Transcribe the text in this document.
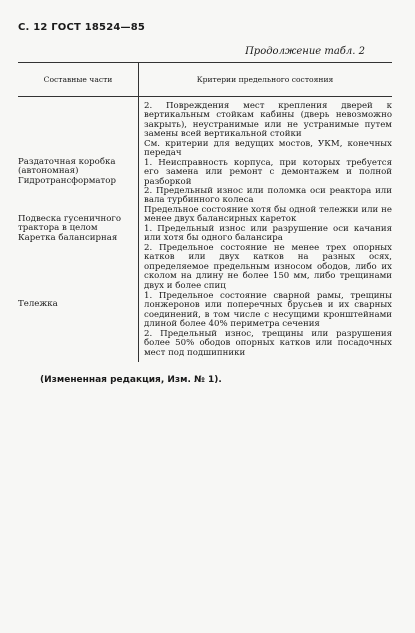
С. 12 ГОСТ 18524—85
Продолжение табл. 2
Составные части	Критерии предельного состояния

Раздаточная коробка (автономная)

Гидротрансформатор

Подвеска гусеничного трактора в целом

Каретка балансирная

Тележка

2. Повреждения мест крепления дверей к вертикальным стойкам кабины (дверь невозможно закрыть), неустранимые или не устранимые путем замены всей вертикальной стойки

См. критерии для ведущих мостов, УКМ, конечных передач

1. Неисправность корпуса, при которых требуется его замена или ремонт с демонтажем и полной разборкой

2. Предельный износ или поломка оси реактора или вала турбинного колеса

Предельное состояние хотя бы одной тележки или не менее двух балансирных кареток

1. Предельный износ или разрушение оси качания или хотя бы одного балансира

2. Предельное состояние не менее трех опорных катков или двух катков на разных осях, определяемое предельным износом ободов, либо их сколом на длину не более 150 мм, либо трещинами двух и более спиц

1. Предельное состояние сварной рамы, трещины лонжеронов или поперечных брусьев и их сварных соединений, в том числе с несущими кронштейнами длиной более 40% периметра сечения

2. Предельный износ, трещины или разрушения более 50% ободов опорных катков или посадочных мест под подшипники

(Измененная редакция, Изм. № 1).
